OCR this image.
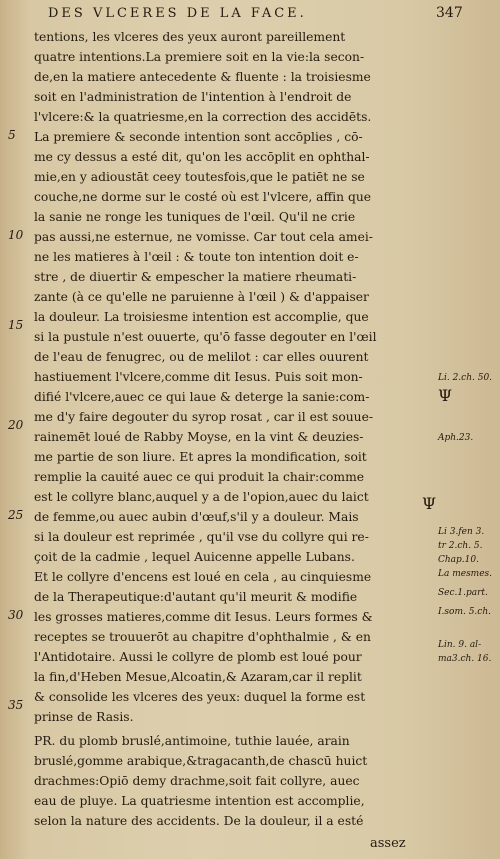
DES VLCERES DE LA FACE.	347
tentions, les vlceres des yeux auront pareillement
quatre intentions.La premiere soit en la vie:la secon-
de,en la matiere antecedente & fluente : la troisiesme
soit en l'administration de l'intention à l'endroit de
l'vlcere:& la quatriesme,en la correction des accidēts.
La premiere & seconde intention sont accōplies , cō-
me cy dessus a esté dit, qu'on les accōplit en ophthal-
mie,en y adioustāt ceey toutesfois,que le patiēt ne se
couche,ne dorme sur le costé où est l'vlcere, affin que
la sanie ne ronge les tuniques de l'œil. Qu'il ne crie
pas aussi,ne esternue, ne vomisse. Car tout cela amei-
ne les matieres à l'œil : & toute ton intention doit e-
stre , de diuertir & empescher la matiere rheumati-
zante (à ce qu'elle ne paruienne à l'œil ) & d'appaiser
la douleur. La troisiesme intention est accomplie, que
si la pustule n'est ouuerte, qu'ō fasse degouter en l'œil
de l'eau de fenugrec, ou de melilot : car elles ouurent
hastiuement l'vlcere,comme dit Iesus. Puis soit mon-
difié l'vlcere,auec ce qui laue & deterge la sanie:com-
me d'y faire degouter du syrop rosat , car il est souue-
rainemēt loué de Rabby Moyse, en la vint & deuzies-
me partie de son liure. Et apres la mondification, soit
remplie la cauité auec ce qui produit la chair:comme
est le collyre blanc,auquel y a de l'opion,auec du laict
de femme,ou auec aubin d'œuf,s'il y a douleur. Mais
si la douleur est reprimée , qu'il vse du collyre qui re-
çoit de la cadmie , lequel Auicenne appelle Lubans.
Et le collyre d'encens est loué en cela , au cinquiesme
de la Therapeutique:d'autant qu'il meurit & modifie
les grosses matieres,comme dit Iesus. Leurs formes &
receptes se trouuerōt au chapitre d'ophthalmie , & en
l'Antidotaire. Aussi le collyre de plomb est loué pour
la fin,d'Heben Mesue,Alcoatin,& Azaram,car il replit
& consolide les vlceres des yeux: duquel la forme est
prinse de Rasis.
PR. du plomb bruslé,antimoine, tuthie lauée, arain
bruslé,gomme arabique,&tragacanth,de chascū huict
drachmes:Opiō demy drachme,soit fait collyre, auec
eau de pluye. La quatriesme intention est accomplie,
selon la nature des accidents. De la douleur, il a esté
assez
5
10
15
20
25
30
35
Li. 2.ch. 50.
Ψ
Aph.23.
Ψ
Li 3.fen 3.
tr 2.ch. 5.
Chap.10.
La mesmes.
Sec.1.part.
I.som. 5.ch.
Lin. 9. al-
ma3.ch. 16.
